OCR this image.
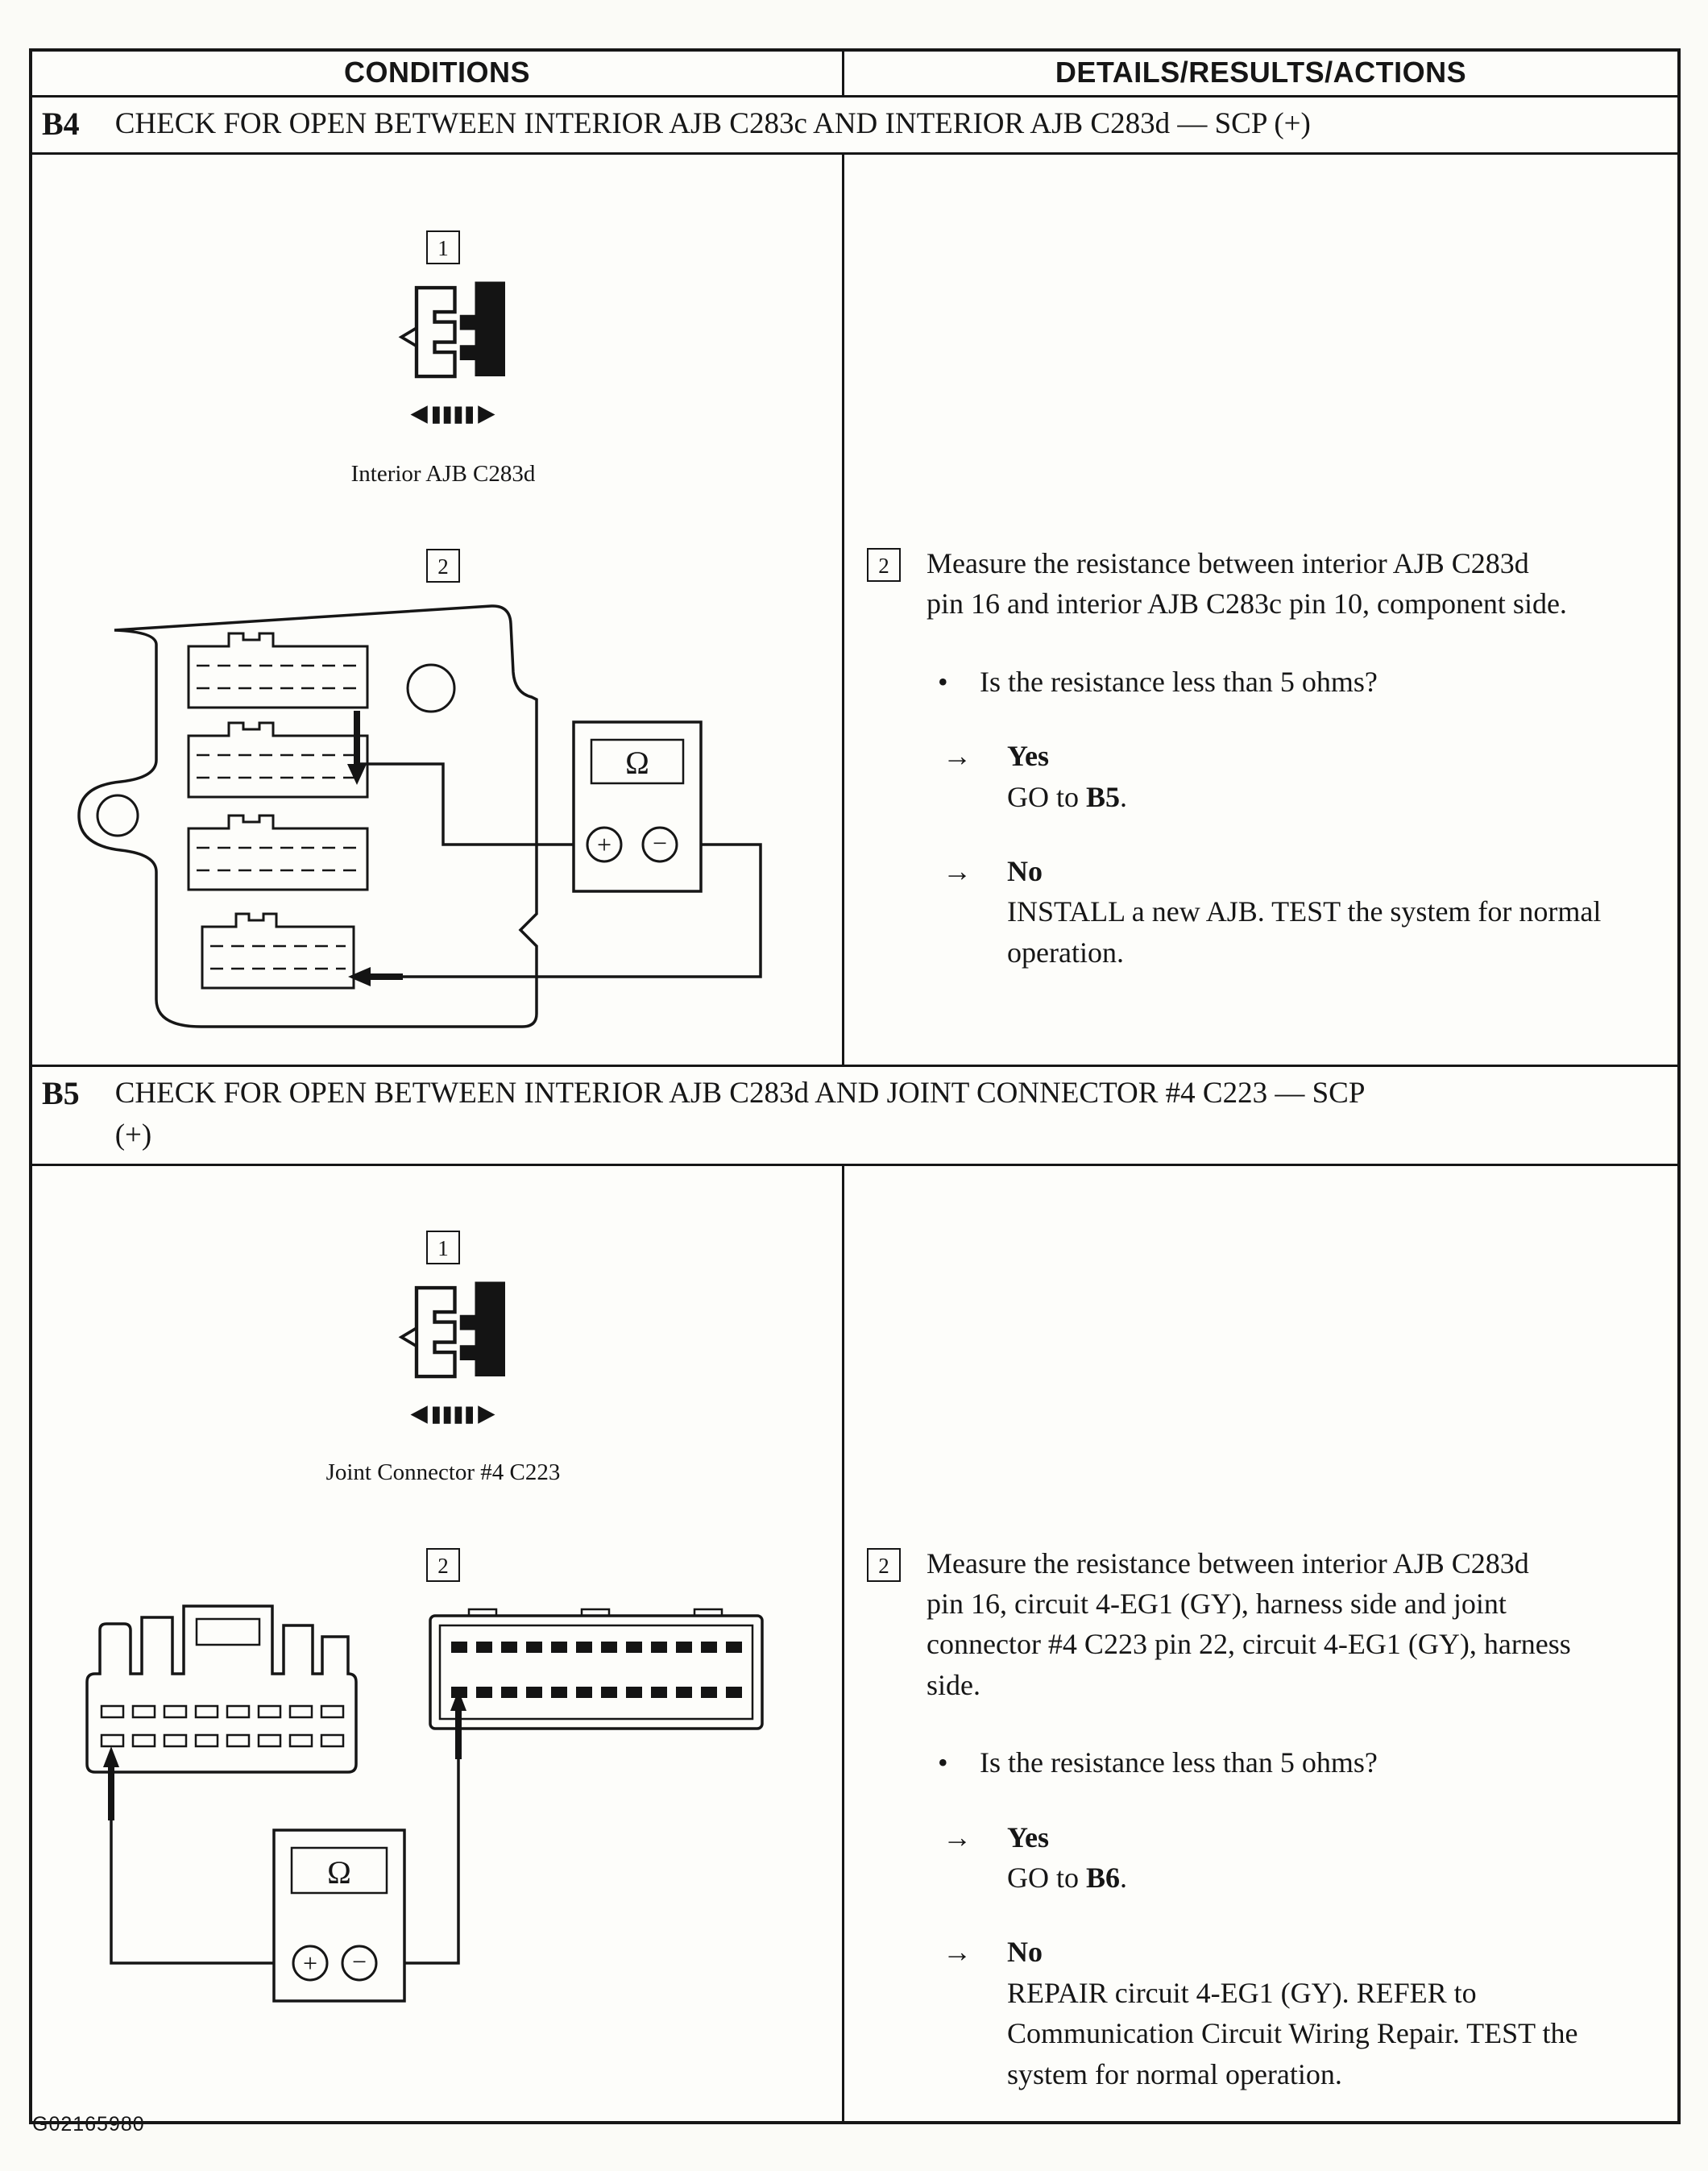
CONDITIONS	DETAILS/RESULTS/ACTIONS
B4 CHECK FOR OPEN BETWEEN INTERIOR AJB C283c AND INTERIOR AJB C283d — SCP (+)
1
Interior AJB C283d
2
Ω
+ −
2	Measure the resistance between interior AJB C283d pin 16 and interior AJB C283c pin 10, component side.
•	Is the resistance less than 5 ohms?
→	Yes
GO to B5.
→	No
INSTALL a new AJB. TEST the system for normal operation.
B5 CHECK FOR OPEN BETWEEN INTERIOR AJB C283d AND JOINT CONNECTOR #4 C223 — SCP
(+)
1
Joint Connector #4 C223
2
Ω
+ −
2	Measure the resistance between interior AJB C283d pin 16, circuit 4-EG1 (GY), harness side and joint connector #4 C223 pin 22, circuit 4-EG1 (GY), harness side.
•	Is the resistance less than 5 ohms?
→	Yes
GO to B6.
→	No
REPAIR circuit 4-EG1 (GY). REFER to Communication Circuit Wiring Repair. TEST the system for normal operation.
G02165980
